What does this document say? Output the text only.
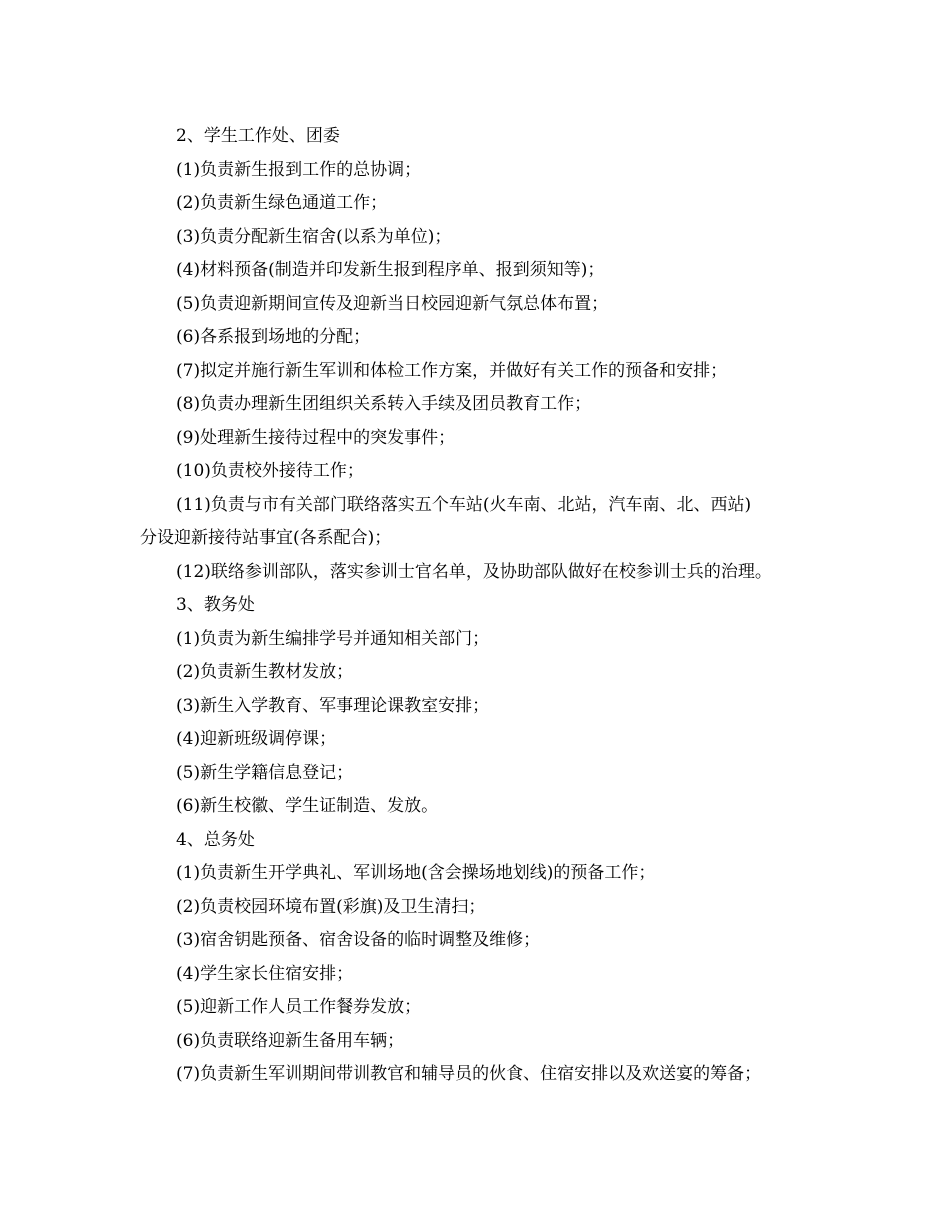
2、学生工作处、团委
(1)负责新生报到工作的总协调；
(2)负责新生绿色通道工作；
(3)负责分配新生宿舍(以系为单位)；
(4)材料预备(制造并印发新生报到程序单、报到须知等)；
(5)负责迎新期间宣传及迎新当日校园迎新气氛总体布置；
(6)各系报到场地的分配；
(7)拟定并施行新生军训和体检工作方案，并做好有关工作的预备和安排；
(8)负责办理新生团组织关系转入手续及团员教育工作；
(9)处理新生接待过程中的突发事件；
(10)负责校外接待工作；
(11)负责与市有关部门联络落实五个车站(火车南、北站，汽车南、北、西站)
分设迎新接待站事宜(各系配合)；
(12)联络参训部队，落实参训士官名单，及协助部队做好在校参训士兵的治理。
3、教务处
(1)负责为新生编排学号并通知相关部门；
(2)负责新生教材发放；
(3)新生入学教育、军事理论课教室安排；
(4)迎新班级调停课；
(5)新生学籍信息登记；
(6)新生校徽、学生证制造、发放。
4、总务处
(1)负责新生开学典礼、军训场地(含会操场地划线)的预备工作；
(2)负责校园环境布置(彩旗)及卫生清扫；
(3)宿舍钥匙预备、宿舍设备的临时调整及维修；
(4)学生家长住宿安排；
(5)迎新工作人员工作餐券发放；
(6)负责联络迎新生备用车辆；
(7)负责新生军训期间带训教官和辅导员的伙食、住宿安排以及欢送宴的筹备；
